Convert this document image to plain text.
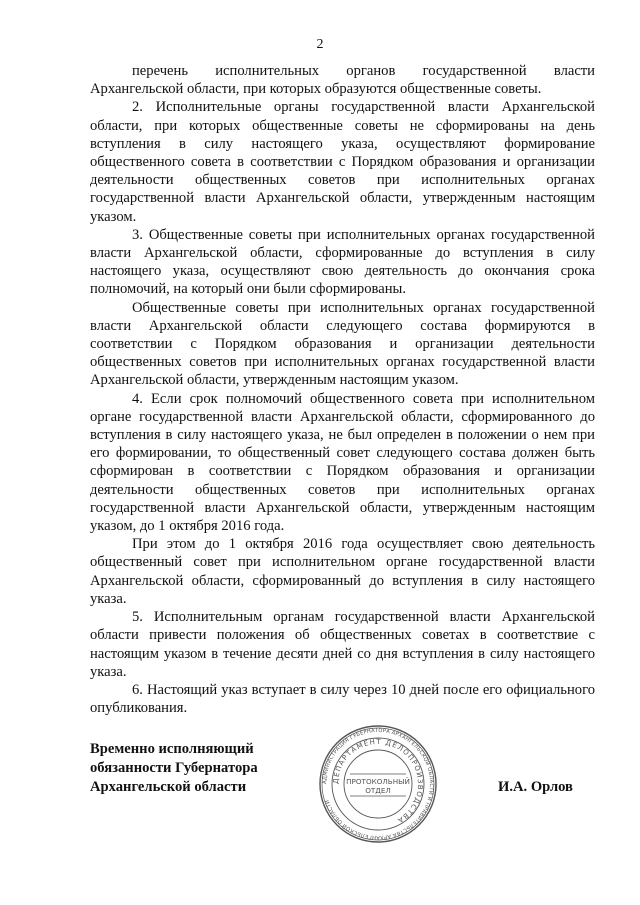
2

перечень исполнительных органов государственной власти Архангельской области, при которых образуются общественные советы.

2. Исполнительные органы государственной власти Архангельской области, при которых общественные советы не сформированы на день вступления в силу настоящего указа, осуществляют формирование общественного совета в соответствии с Порядком образования и организации деятельности общественных советов при исполнительных органах государственной власти Архангельской области, утвержденным настоящим указом.

3. Общественные советы при исполнительных органах государственной власти Архангельской области, сформированные до вступления в силу настоящего указа, осуществляют свою деятельность до окончания срока полномочий, на который они были сформированы.

Общественные советы при исполнительных органах государственной власти Архангельской области следующего состава формируются в соответствии с Порядком образования и организации деятельности общественных советов при исполнительных органах государственной власти Архангельской области, утвержденным настоящим указом.

4. Если срок полномочий общественного совета при исполнительном органе государственной власти Архангельской области, сформированного до вступления в силу настоящего указа, не был определен в положении о нем при его формировании, то общественный совет следующего состава должен быть сформирован в соответствии с Порядком образования и организации деятельности общественных советов при исполнительных органах государственной власти Архангельской области, утвержденным настоящим указом, до 1 октября 2016 года.

При этом до 1 октября 2016 года осуществляет свою деятельность общественный совет при исполнительном органе государственной власти Архангельской области, сформированный до вступления в силу настоящего указа.

5. Исполнительным органам государственной власти Архангельской области привести положения об общественных советах в соответствие с настоящим указом в течение десяти дней со дня вступления в силу настоящего указа.

6. Настоящий указ вступает в силу через 10 дней после его официального опубликования.

Временно исполняющий
обязанности Губернатора
Архангельской области	АДМИНИСТРАЦИЯ ГУБЕРНАТОРА АРХАНГЕЛЬСКОЙ ОБЛАСТИ И ПРАВИТЕЛЬСТВА АРХАНГЕЛЬСКОЙ ОБЛАСТИ
ДЕПАРТАМЕНТ ДЕЛОПРОИЗВОДСТВА
ПРОТОКОЛЬНЫЙ
ОТДЕЛ	И.А. Орлов
